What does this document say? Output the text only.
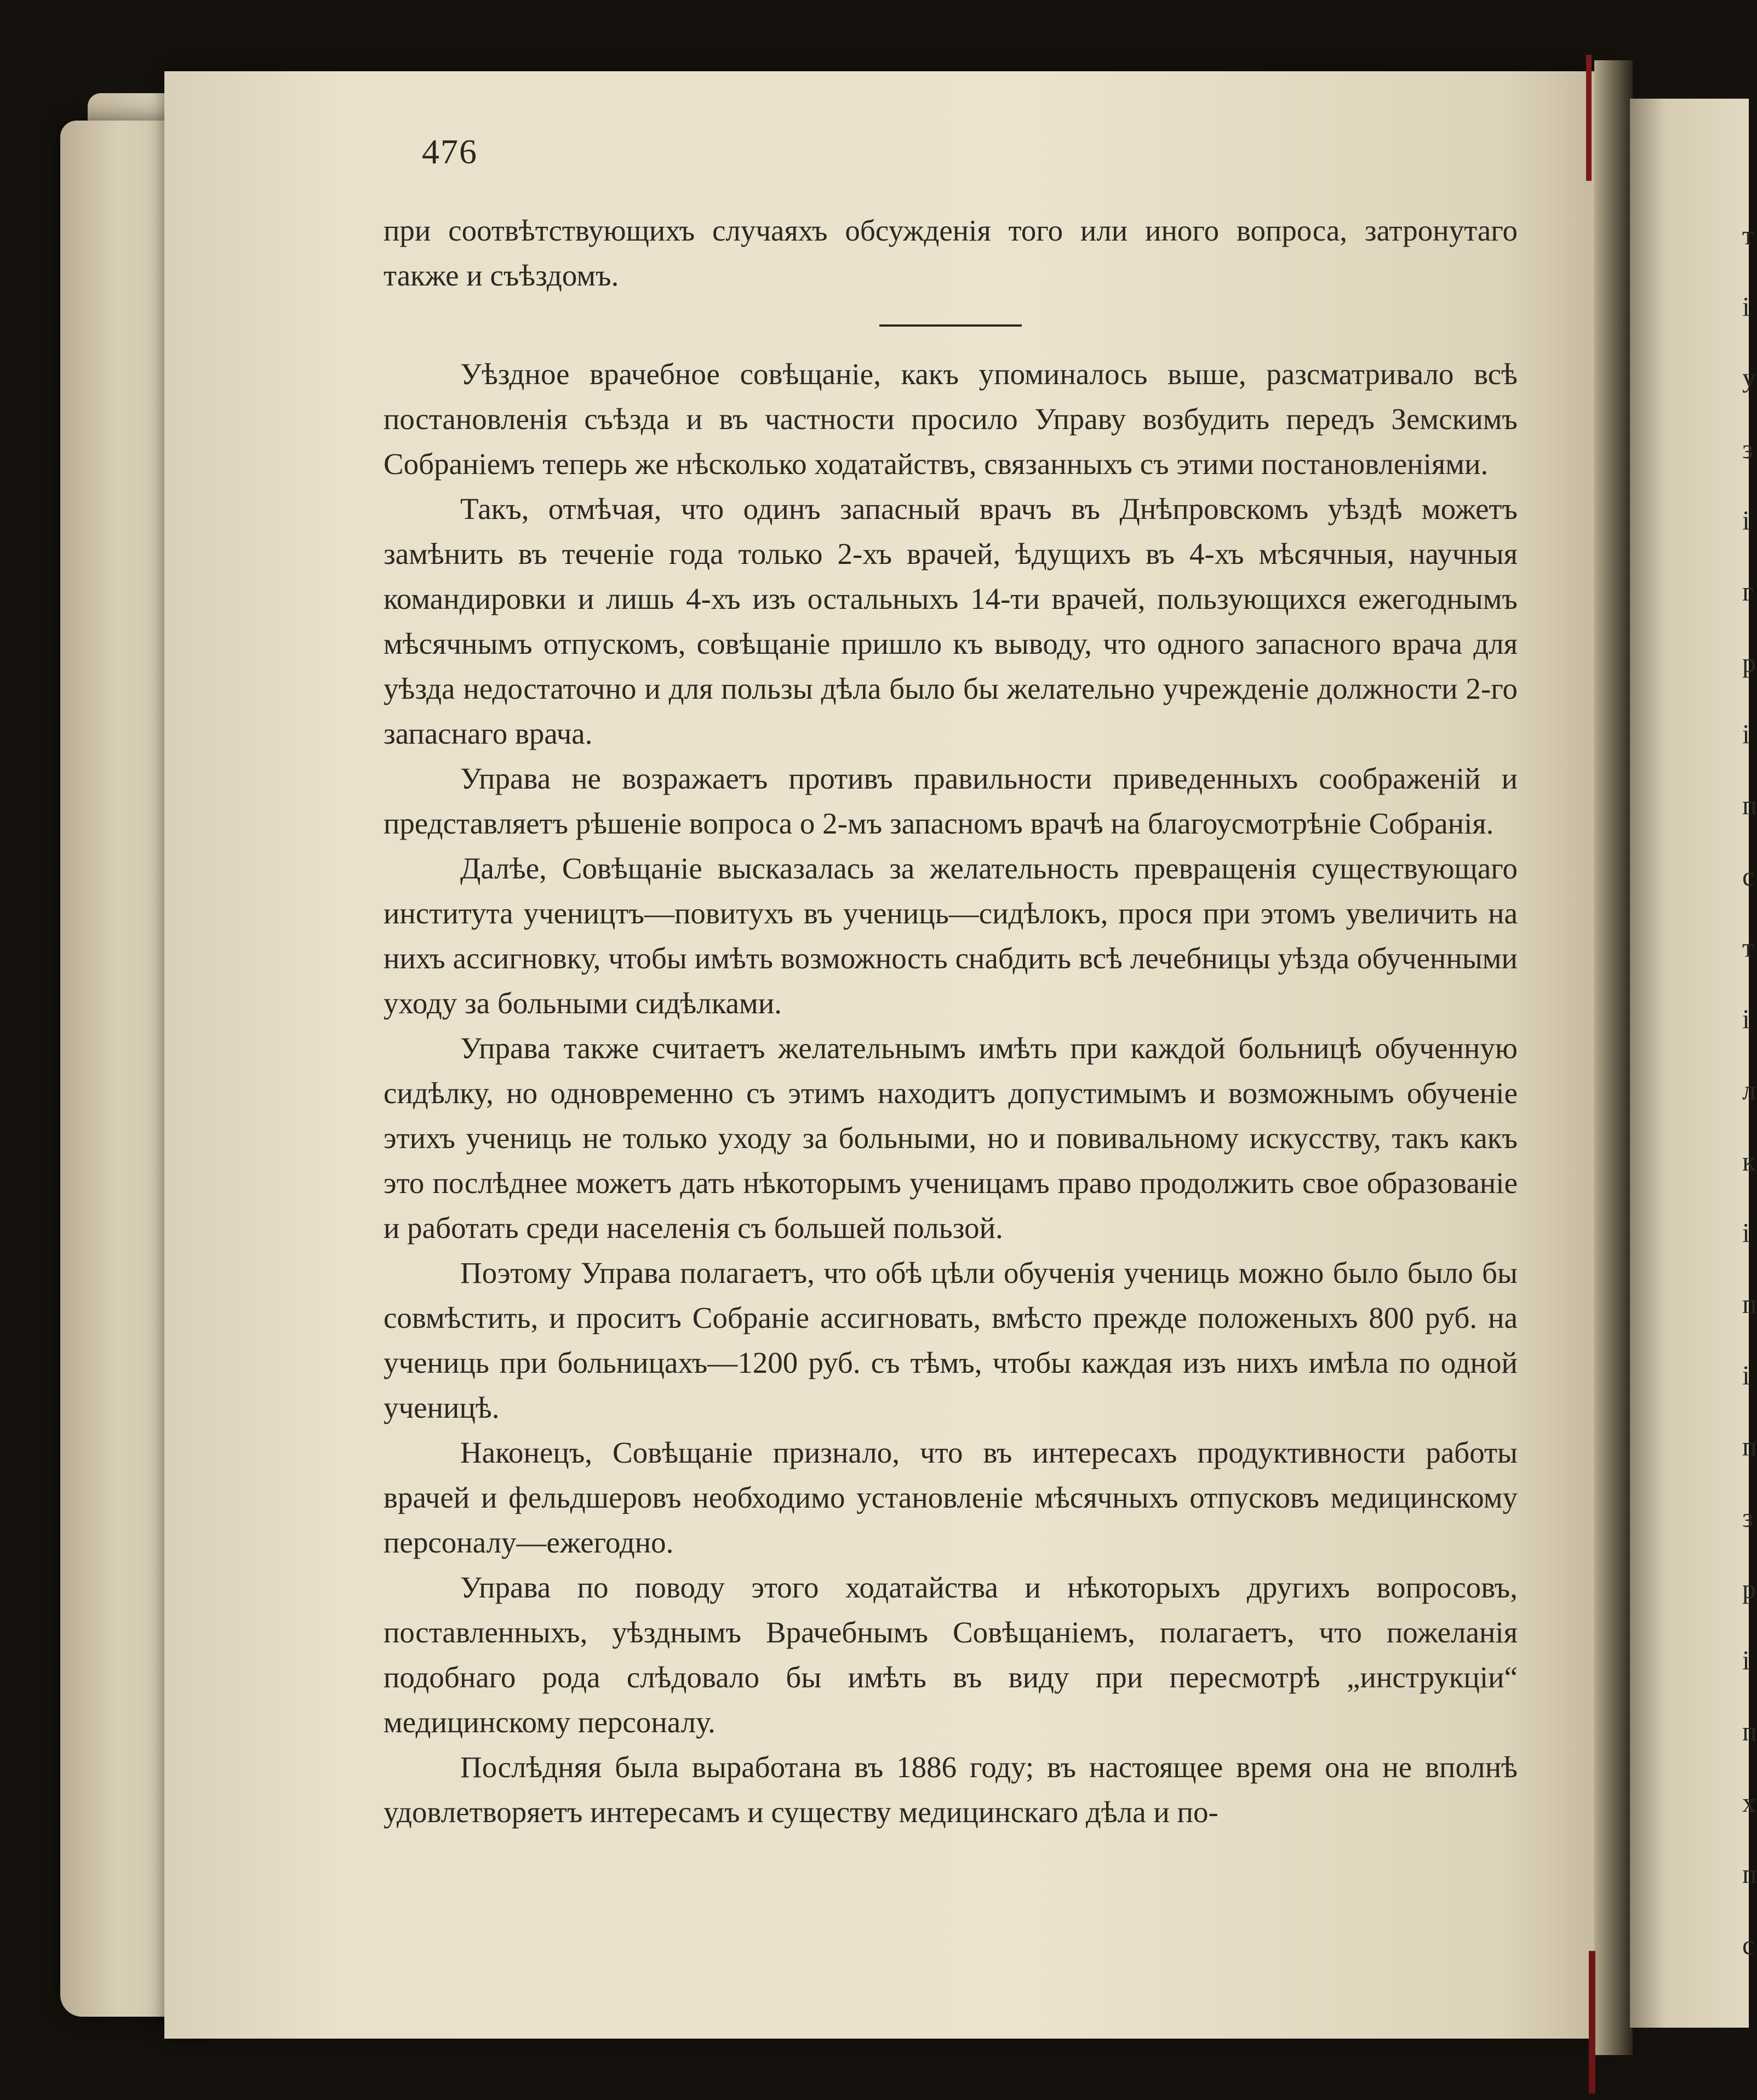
476

при соотвѣтствующихъ случаяхъ обсужденія того или иного вопроса, затронутаго также и съѣздомъ.

Уѣздное врачебное совѣщаніе, какъ упоминалось выше, разсматривало всѣ постановленія съѣзда и въ частности просило Управу возбудить передъ Земскимъ Собраніемъ теперь же нѣсколько ходатайствъ, связанныхъ съ этими постановленіями.

Такъ, отмѣчая, что одинъ запасный врачъ въ Днѣпровскомъ уѣздѣ можетъ замѣнить въ теченіе года только 2-хъ врачей, ѣдущихъ въ 4-хъ мѣсячныя, научныя командировки и лишь 4-хъ изъ остальныхъ 14-ти врачей, пользующихся ежегоднымъ мѣсячнымъ отпускомъ, совѣщаніе пришло къ выводу, что одного запасного врача для уѣзда недостаточно и для пользы дѣла было бы желательно учрежденіе должности 2-го запаснаго врача.

Управа не возражаетъ противъ правильности приведенныхъ соображеній и представляетъ рѣшеніе вопроса о 2-мъ запасномъ врачѣ на благоусмотрѣніе Собранія.

Далѣе, Совѣщаніе высказалась за желательность превращенія существующаго института учеництъ—повитухъ въ учениць—сидѣлокъ, прося при этомъ увеличить на нихъ ассигновку, чтобы имѣть возможность снабдить всѣ лечебницы уѣзда обученными уходу за больными сидѣлками.

Управа также считаетъ желательнымъ имѣть при каждой больницѣ обученную сидѣлку, но одновременно съ этимъ находитъ допустимымъ и возможнымъ обученіе этихъ учениць не только уходу за больными, но и повивальному искусству, такъ какъ это послѣднее можетъ дать нѣкоторымъ ученицамъ право продолжить свое образованіе и работать среди населенія съ большей пользой.

Поэтому Управа полагаетъ, что обѣ цѣли обученія учениць можно было было бы совмѣстить, и проситъ Собраніе ассигновать, вмѣсто прежде положеныхъ 800 руб. на учениць при больницахъ—1200 руб. съ тѣмъ, чтобы каждая изъ нихъ имѣла по одной ученицѣ.

Наконецъ, Совѣщаніе признало, что въ интересахъ продуктивности работы врачей и фельдшеровъ необходимо установленіе мѣсячныхъ отпусковъ медицинскому персоналу—ежегодно.

Управа по поводу этого ходатайства и нѣкоторыхъ другихъ вопросовъ, поставленныхъ, уѣзднымъ Врачебнымъ Совѣщаніемъ, полагаетъ, что пожеланія подобнаго рода слѣдовало бы имѣть въ виду при пересмотрѣ „инструкціи“ медицинскому персоналу.

Послѣдняя была выработана въ 1886 году; въ настоящее время она не вполнѣ удовлетворяетъ интересамъ и существу медицинскаго дѣла и по-

т
і
у
з
і
г
р
і
п
с
т
і
л
к
і
п
і
п
з
р
і
п
х
п
с
